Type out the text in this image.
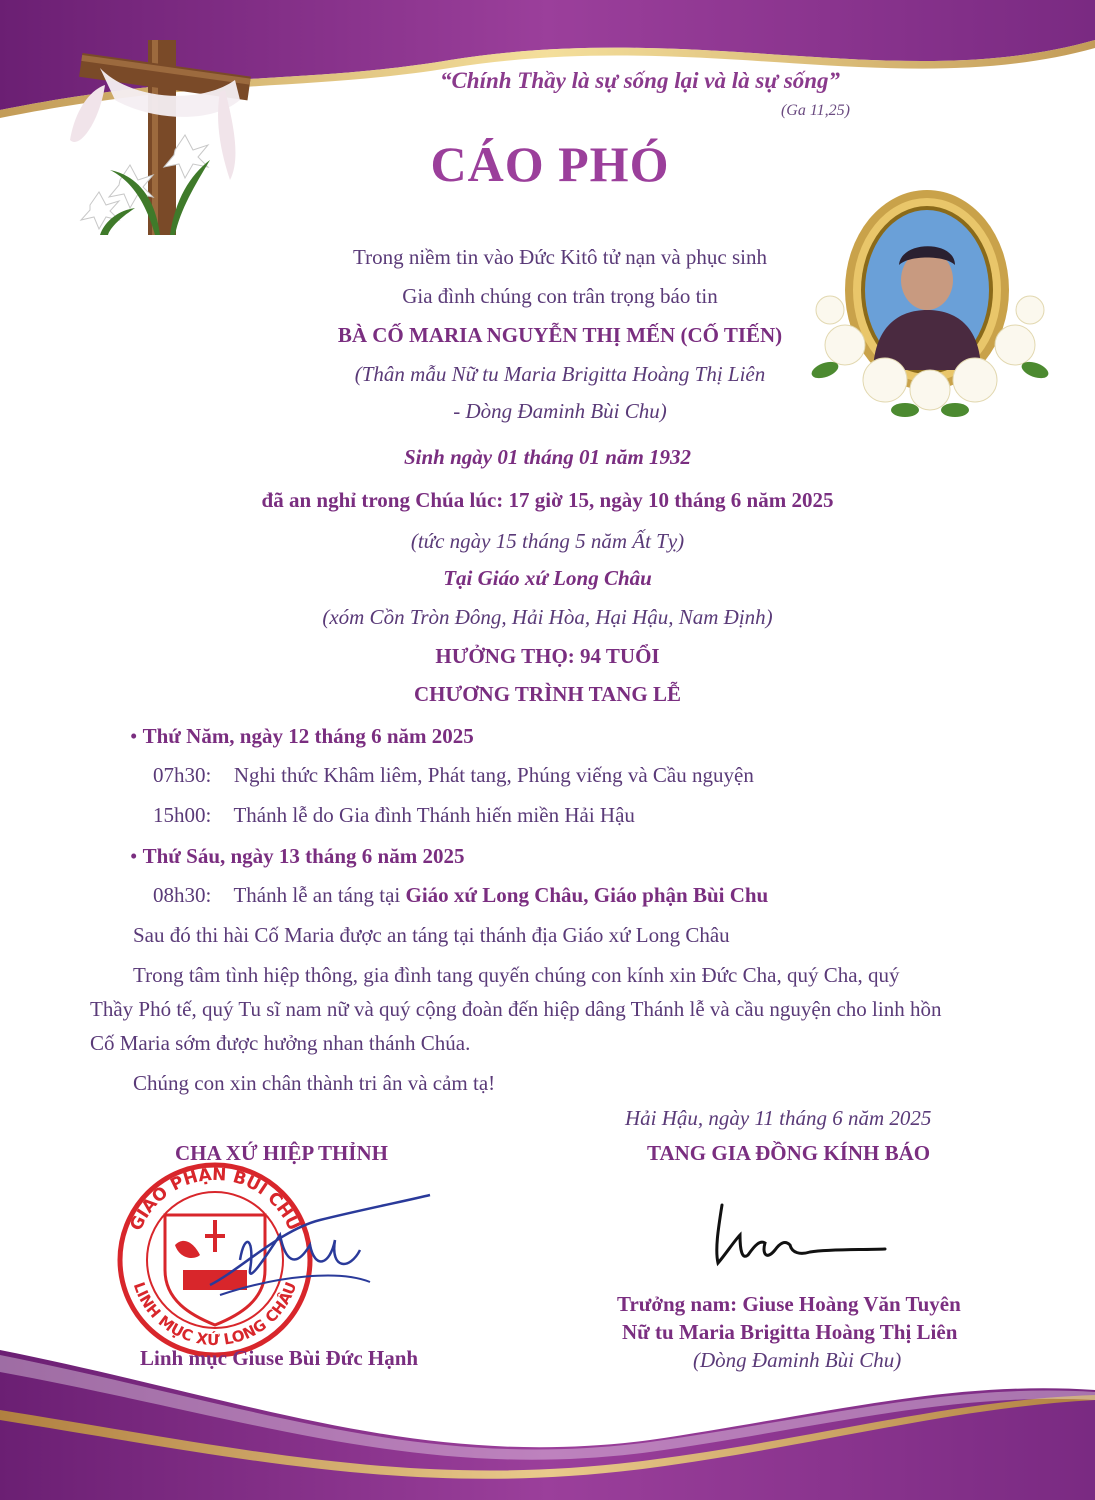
“Chính Thầy là sự sống lại và là sự sống”
(Ga 11,25)
CÁO PHÓ
Trong niềm tin vào Đức Kitô tử nạn và phục sinh
Gia đình chúng con trân trọng báo tin
BÀ CỐ MARIA NGUYỄN THỊ MẾN (CỐ TIẾN)
(Thân mẫu Nữ tu Maria Brigitta Hoàng Thị Liên
- Dòng Đaminh Bùi Chu)
Sinh ngày 01 tháng 01 năm 1932
đã an nghỉ trong Chúa lúc: 17 giờ 15, ngày 10 tháng 6 năm 2025
(tức ngày 15 tháng 5 năm Ất Tỵ)
Tại Giáo xứ Long Châu
(xóm Cồn Tròn Đông, Hải Hòa, Hại Hậu, Nam Định)
HƯỞNG THỌ: 94 TUỔI
CHƯƠNG TRÌNH TANG LỄ
• Thứ Năm, ngày 12 tháng 6 năm 2025
07h30: Nghi thức Khâm liêm, Phát tang, Phúng viếng và Cầu nguyện
15h00: Thánh lễ do Gia đình Thánh hiến miền Hải Hậu
• Thứ Sáu, ngày 13 tháng 6 năm 2025
08h30: Thánh lễ an táng tại Giáo xứ Long Châu, Giáo phận Bùi Chu
Sau đó thi hài Cố Maria được an táng tại thánh địa Giáo xứ Long Châu
Trong tâm tình hiệp thông, gia đình tang quyến chúng con kính xin Đức Cha, quý Cha, quý
Thầy Phó tế, quý Tu sĩ nam nữ và quý cộng đoàn đến hiệp dâng Thánh lễ và cầu nguyện cho linh hồn
Cố Maria sớm được hưởng nhan thánh Chúa.
Chúng con xin chân thành tri ân và cảm tạ!
Hải Hậu, ngày 11 tháng 6 năm 2025
CHA XỨ HIỆP THỈNH
GIÁO PHẬN BÙI CHU
LINH MỤC XỨ LONG CHÂU
Linh mục Giuse Bùi Đức Hạnh
TANG GIA ĐỒNG KÍNH BÁO
Trưởng nam: Giuse Hoàng Văn Tuyên
Nữ tu Maria Brigitta Hoàng Thị Liên
(Dòng Đaminh Bùi Chu)
